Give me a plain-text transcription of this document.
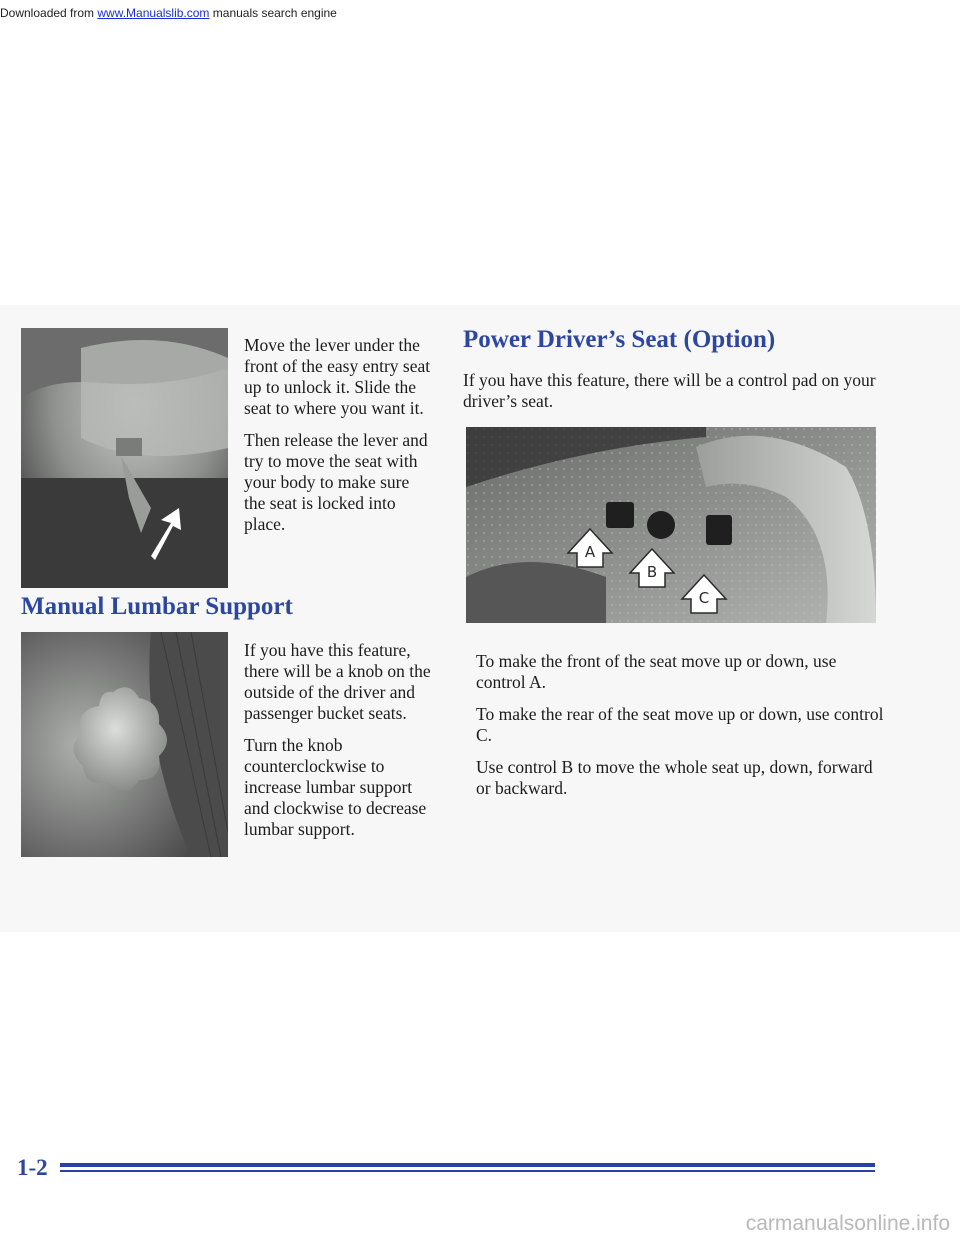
Downloaded from www.Manualslib.com manuals search engine

Move the lever under the front of the easy entry seat up to unlock it. Slide the seat to where you want it.

Then release the lever and try to move the seat with your body to make sure the seat is locked into place.

Manual Lumbar Support

If you have this feature, there will be a knob on the outside of the driver and passenger bucket seats.

Turn the knob counterclockwise to increase lumbar support and clockwise to decrease lumbar support.

Power Driver’s Seat (Option)

If you have this feature, there will be a control pad on your driver’s seat.

A
B
C

To make the front of the seat move up or down, use control A.

To make the rear of the seat move up or down, use control C.

Use control B to move the whole seat up, down, forward or backward.

1-2
carmanualsonline.info
